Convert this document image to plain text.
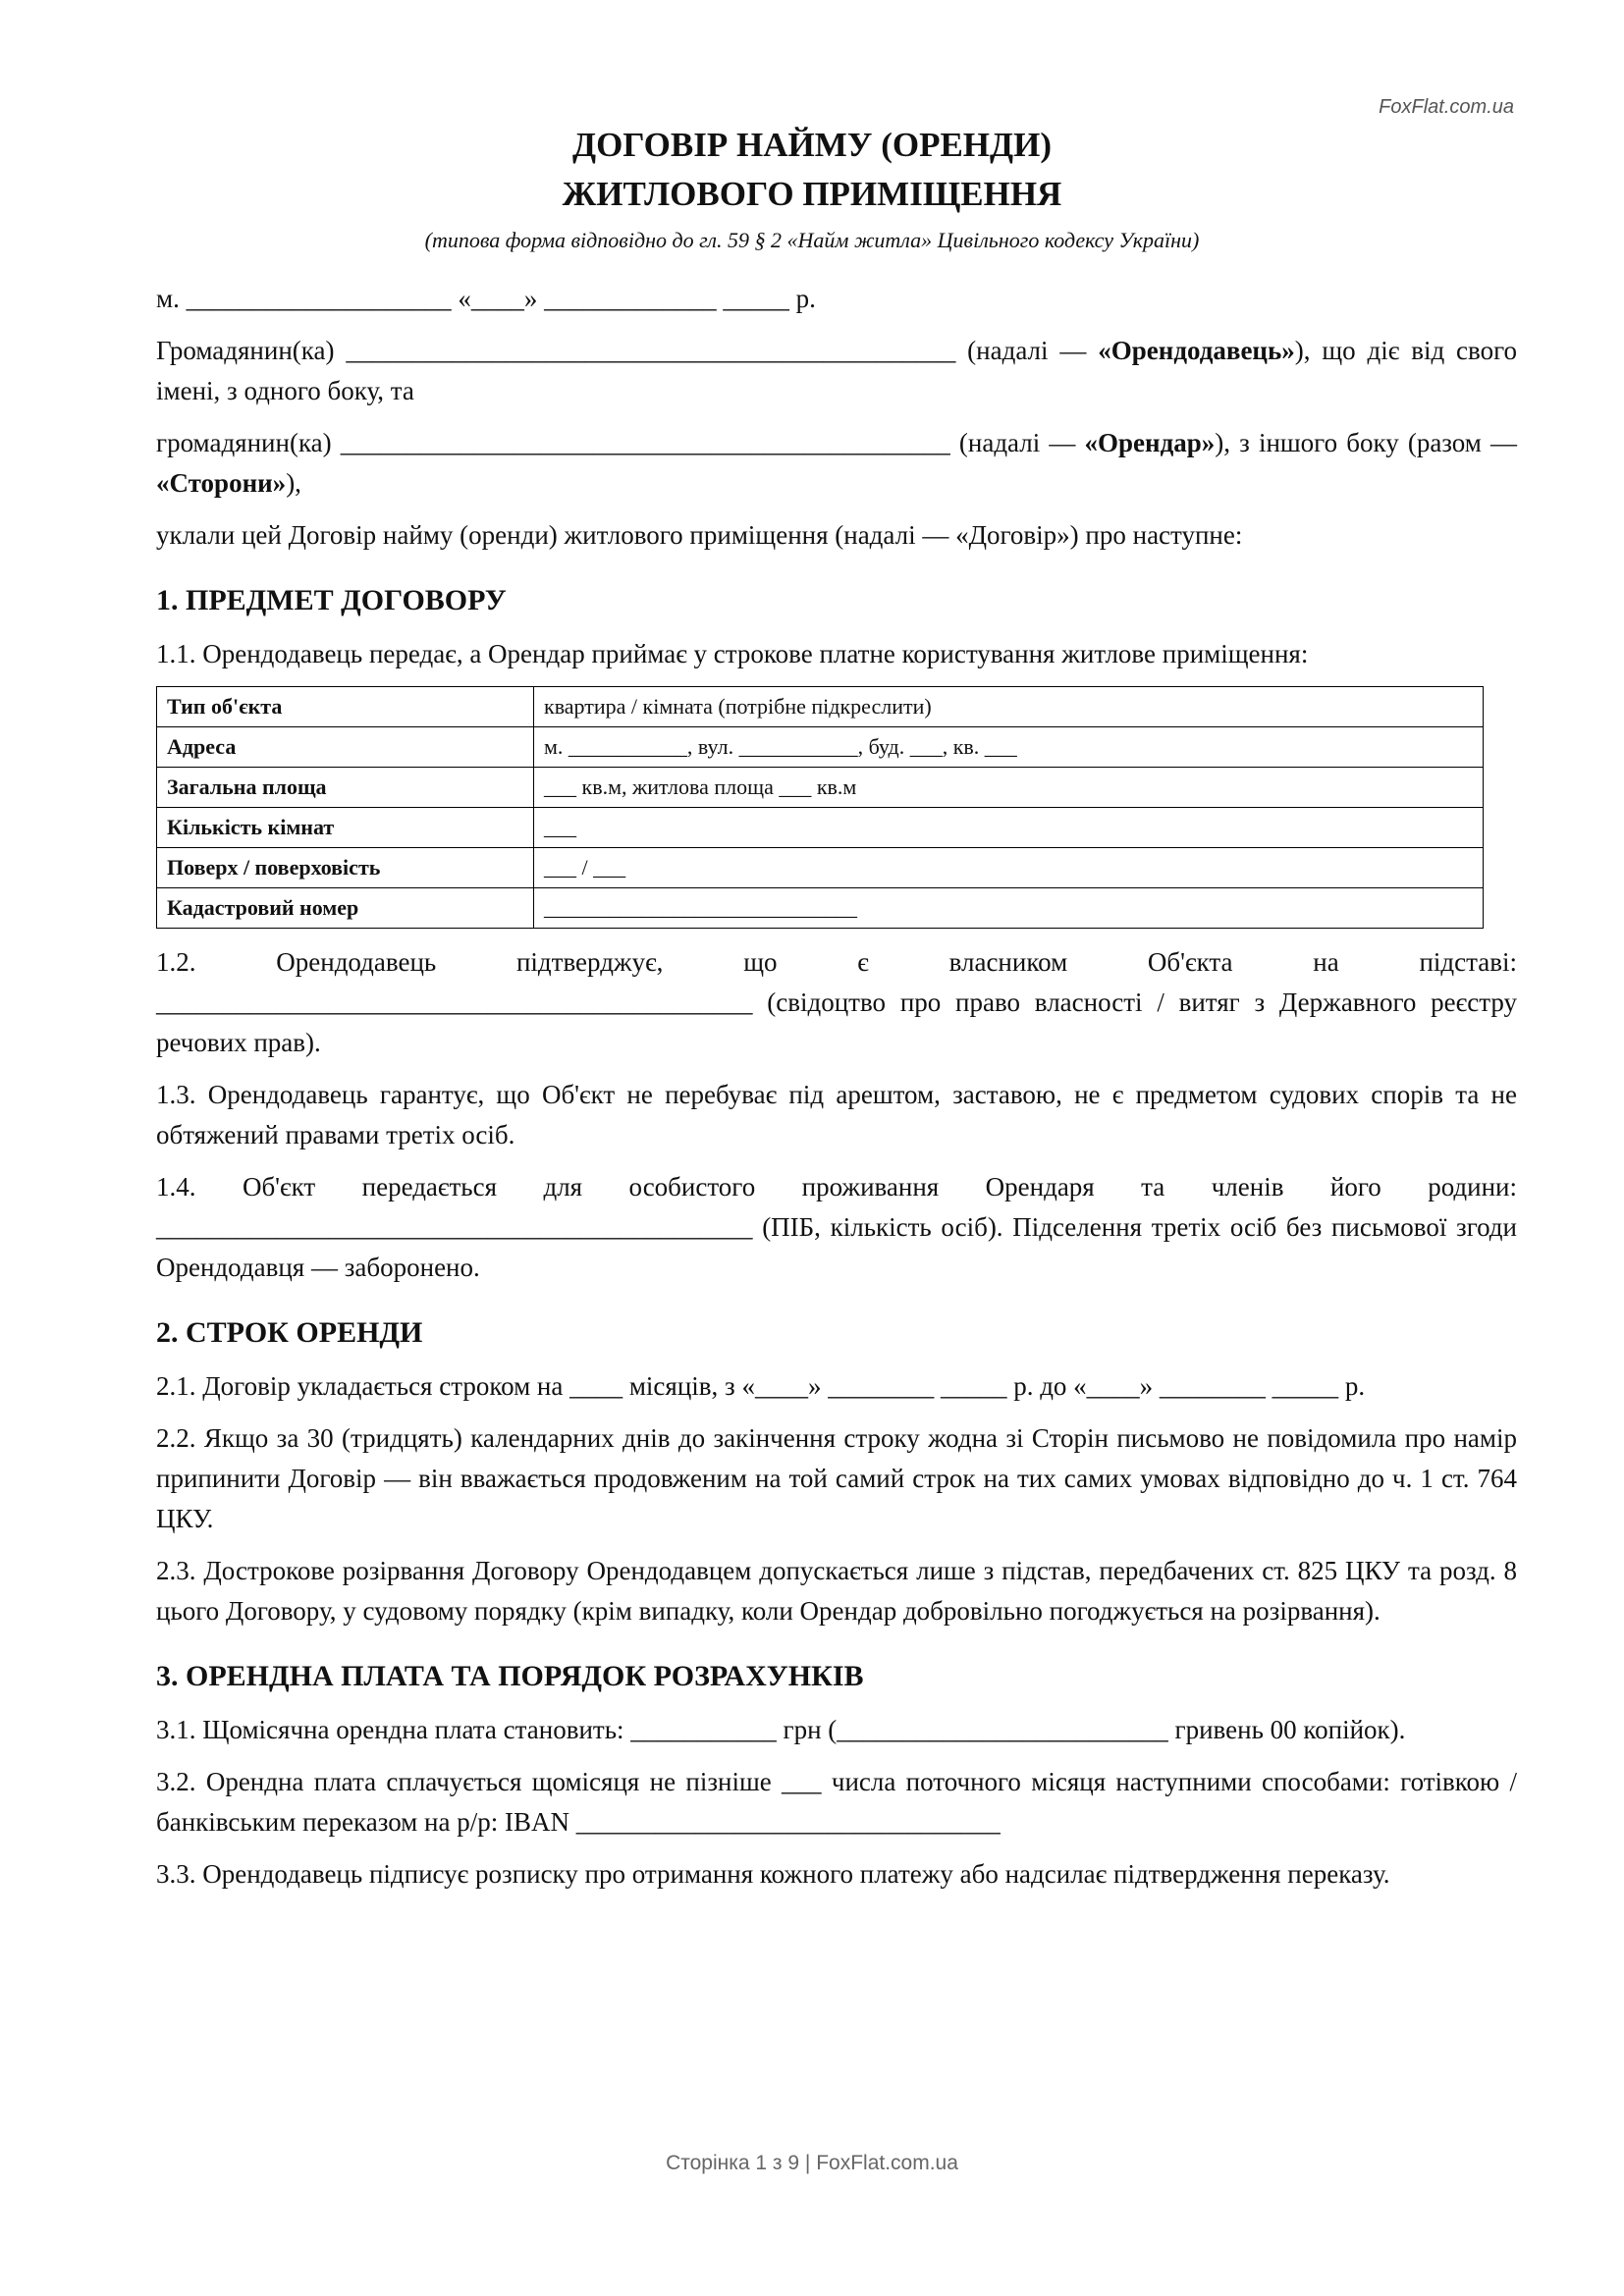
FoxFlat.com.ua
ДОГОВІР НАЙМУ (ОРЕНДИ)
ЖИТЛОВОГО ПРИМІЩЕННЯ
(типова форма відповідно до гл. 59 § 2 «Найм житла» Цивільного кодексу України)

м. ____________________ «____» _____________ _____ р.

Громадянин(ка) ______________________________________________ (надалі — «Орендодавець»), що діє від свого імені, з одного боку, та

громадянин(ка) ______________________________________________ (надалі — «Орендар»), з іншого боку (разом — «Сторони»),

уклали цей Договір найму (оренди) житлового приміщення (надалі — «Договір») про наступне:

1. ПРЕДМЕТ ДОГОВОРУ

1.1. Орендодавець передає, а Орендар приймає у строкове платне користування житлове приміщення:

Тип об'єкта	квартира / кімната (потрібне підкреслити)
Адреса	м. ___________, вул. ___________, буд. ___, кв. ___
Загальна площа	___ кв.м, житлова площа ___ кв.м
Кількість кімнат	___
Поверх / поверховість	___ / ___
Кадастровий номер	_____________________________

1.2. Орендодавець підтверджує, що є власником Об'єкта на підставі: _____________________________________________ (свідоцтво про право власності / витяг з Державного реєстру речових прав).

1.3. Орендодавець гарантує, що Об'єкт не перебуває під арештом, заставою, не є предметом судових спорів та не обтяжений правами третіх осіб.

1.4. Об'єкт передається для особистого проживання Орендаря та членів його родини: _____________________________________________ (ПІБ, кількість осіб). Підселення третіх осіб без письмової згоди Орендодавця — заборонено.

2. СТРОК ОРЕНДИ

2.1. Договір укладається строком на ____ місяців, з «____» ________ _____ р. до «____» ________ _____ р.

2.2. Якщо за 30 (тридцять) календарних днів до закінчення строку жодна зі Сторін письмово не повідомила про намір припинити Договір — він вважається продовженим на той самий строк на тих самих умовах відповідно до ч. 1 ст. 764 ЦКУ.

2.3. Дострокове розірвання Договору Орендодавцем допускається лише з підстав, передбачених ст. 825 ЦКУ та розд. 8 цього Договору, у судовому порядку (крім випадку, коли Орендар добровільно погоджується на розірвання).

3. ОРЕНДНА ПЛАТА ТА ПОРЯДОК РОЗРАХУНКІВ

3.1. Щомісячна орендна плата становить: ___________ грн (_________________________ гривень 00 копійок).

3.2. Орендна плата сплачується щомісяця не пізніше ___ числа поточного місяця наступними способами: готівкою / банківським переказом на р/р: IBAN ________________________________

3.3. Орендодавець підписує розписку про отримання кожного платежу або надсилає підтвердження переказу.

Сторінка 1 з 9 | FoxFlat.com.ua
